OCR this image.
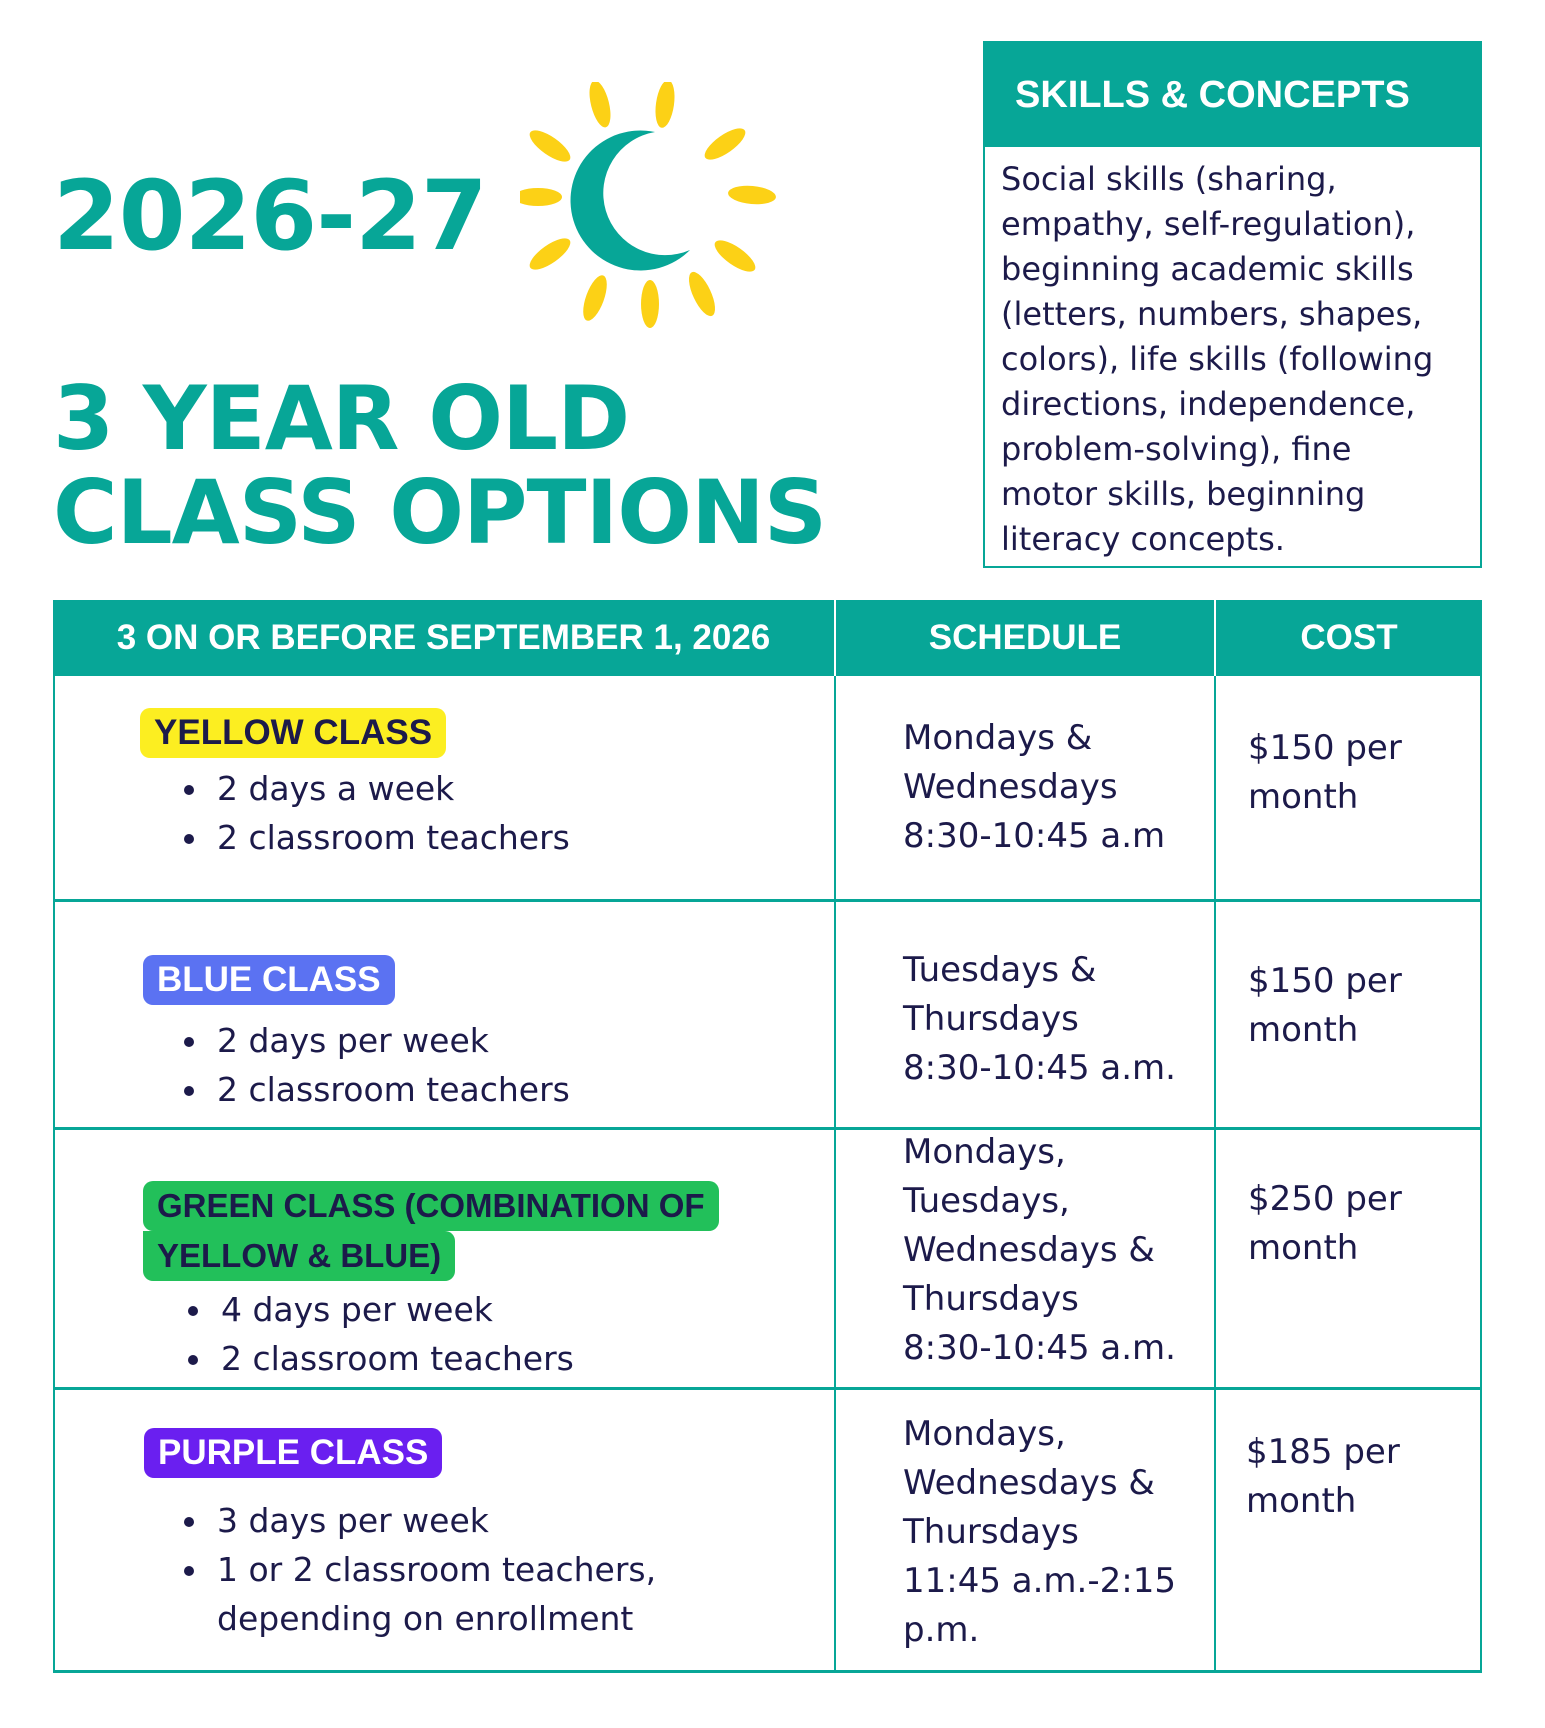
2026-27
3 YEAR OLD
CLASS OPTIONS
SKILLS & CONCEPTS
Social skills (sharing,
empathy, self-regulation),
beginning academic skills
(letters, numbers, shapes,
colors), life skills (following
directions, independence,
problem-solving), fine
motor skills, beginning
literacy concepts.
3 ON OR BEFORE SEPTEMBER 1, 2026	SCHEDULE	COST
YELLOW CLASS
• 2 days a week
• 2 classroom teachers
Mondays &
Wednesdays
8:30-10:45 a.m
$150 per
month
BLUE CLASS
• 2 days per week
• 2 classroom teachers
Tuesdays &
Thursdays
8:30-10:45 a.m.
$150 per
month
GREEN CLASS (COMBINATION OF
YELLOW & BLUE)
• 4 days per week
• 2 classroom teachers
Mondays,
Tuesdays,
Wednesdays &
Thursdays
8:30-10:45 a.m.
$250 per
month
PURPLE CLASS
• 3 days per week
• 1 or 2 classroom teachers, depending on enrollment
Mondays,
Wednesdays &
Thursdays
11:45 a.m.-2:15
p.m.
$185 per
month
